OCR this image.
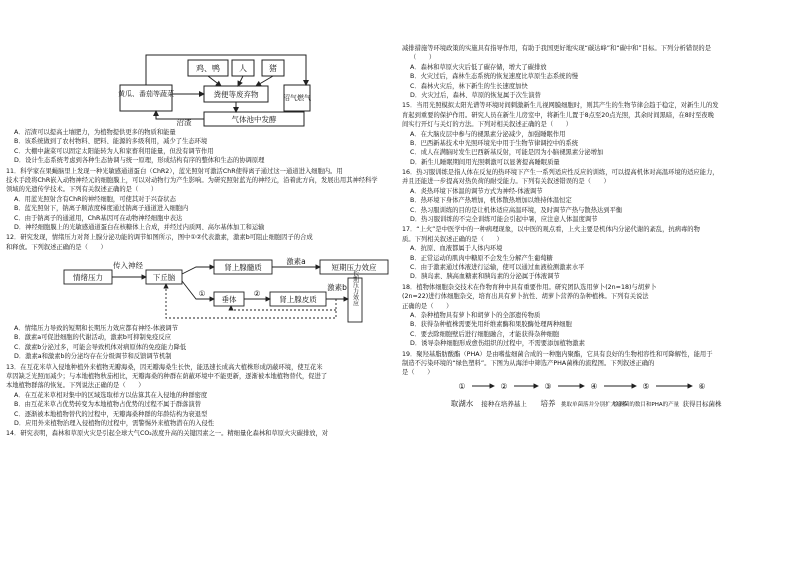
鸡、鸭 人	猪
黄瓜、番茄等蔬菜	粪便等废弃物	沼气燃气
沼渣	气体池中发酵
A．沼渣可以提高土壤肥力，为植物提供更多的物质和能量
B．该系统做到了农村物料、肥料、能源的多级利用，减少了生态环境
C．大棚中蔬菜可以固定太阳能转为人和家畜利用能量，但没有调节作用
D．设计生态系统考虑到各种生态协调与统一原理，形成结构有序的整体和生态的协调原理
11．科学家在果蝇脑里上发现一种光敏感通道蛋白（ChR2），蓝光照射可激活ChR使得离子通过这一通道进入细胞内。用
技术手段将ChR嵌入动物神经元的细胞膜上，可以对动物行为产生影响。为研究照射蓝光的神经元，沿着此方向，发展出用其神经科学
领域的光遗传学技术。下列有关叙述正确的是（　　）
A．用蓝光照射含有ChR的神经细胞，可使其对于兴奋状态
B．蓝光照射下，钠离子顺浓度梯度通过钠离子通道进入细胞内
C．由于钠离子的通道用，ChR基因可在动物神经细胞中表达
D．神经细胞膜上的光敏感通道蛋白在核糖体上合成，并经过内质网、高尔基体加工和运输
12．研究发现，情绪压力对肾上腺分泌功能的调节如图所示，图中①②代表激素，激素b可阻止细胞因子的合成
和释放。下列叙述正确的是（　　）
情绪压力
传入神经
下丘脑
肾上腺髓质
激素a
短期压力效应
垂体	肾上腺皮质
激素b 长期压力效应
①	②
A．情绪压力导致的短期和长期压力效应都有神经-体液调节
B．激素a可促进细胞的代谢活动，激素b可抑制免疫反应
C．激素b分泌过多，可能会导致机体对病原体的免疫能力降低
D．激素a和激素b的分泌均存在分级调节和反馈调节机制
13．在互花米草入侵地种植外来植物无瓣海桑，因无瓣海桑生长快，能迅速长成高大植株形成荫蔽环境，使互花米
草因缺乏光照而减少；与本地植物秋茄相比，无瓣海桑的种群在荫蔽环境中不能更新，逐渐被本地植物替代，促进了
本地植物群落的恢复。下列说法正确的是（　　）
A．在互花米草相对集中的区域选取样方以估算其在入侵地的种群密度
B．由互花米草占优势转变为本地植物占优势的过程不属于群落演替
C．逐渐被本地植物替代的过程中，无瓣海桑种群的年龄结构为衰退型
D．应用外来植物治理入侵植物的过程中，需警惕外来植物潜在的入侵性
14．研究表明，森林和草原火灾是引起全球大气CO₂浓度升高的关键因素之一。精细量化森林和草原火灾碳排放，对
减排措施等环境政策的实施具有指导作用，有助于我国更好地实现“碳达峰”和“碳中和”目标。下列分析错误的是
（　　）
A．森林和草原火灾后低了碳存储，增大了碳排放
B．火灾过后，森林生态系统的恢复速度比草原生态系统的慢
C．森林火灾后，林下新生的生长速度加快
D．火灾过后，森林、草原的恢复属于次生演替
15．当用光照模拟太阳光谱等环境时间刺激新生儿视网膜细胞时，则其产生的生物节律会趋于稳定，对新生儿的发
育起到重要的保护作用。研究人员在新生儿房室中，将新生儿置于8点至20点光照，其余时间黑暗，在8时至夜晚
间实行开灯与关灯的方法。下列对相关叙述正确的是（　　）
A．在大脑皮层中参与的褪黑素分泌减少，加强睡眠作用
B．巴西新基技术中光照环境光中用于生物节律调控中的系统
C．成人在满脑时发生巴西新基反射，可能是因为小脑褪黑素分泌增加
D．新生儿睡眠期间用光照刺激可以显著提高睡眠质量
16．热习服训练是指人体在反复的热环境下产生一系列适应性反应的训练，可以提高机体对高温环境的适应能力，
并且还能进一步提高对热负荷的耐受能力。下列有关叙述错误的是（　　）
A．炎热环境下体温的调节方式为神经-体液调节
B．热环境下身体产热增加，机体散热增加以维持体温恒定
C．热习服训练的目的是让机体适应高温环境，及时调节产热与散热达到平衡
D．热习服训练的不完全训练可能会引起中暑，应注意人体温度调节
17．“上火”是中医学中的一种病理现象，以中医的观点看，上火主要是机体内分泌代谢的紊乱，抗病毒的物
质。下列相关叙述正确的是（　　）
A．抗原、血液都属于人体内环境
B．正常运动的肌肉中糖原不会发生分解产生葡萄糖
C．由于激素通过体液进行运输，使可以通过血液检测激素水平
D．胰岛素、胰高血糖素和胰岛素的分泌属于体液调节
18．植物体细胞杂交技术在作物育种中具有重要作用。研究团队选用萝卜(2n=18)与胡萝卜
(2n=22)进行体细胞杂交，培育出具有萝卜抗性、胡萝卜营养的杂种植株。下列有关说法
正确的是（　　）
A．杂种植物具有萝卜和胡萝卜的全部遗传物质
B．获得杂种植株需要先用纤维素酶和果胶酶处理两种细胞
C．要去除细胞壁后进行细胞融合，才能获得杂种细胞
D．诱导杂种细胞形成愈伤组织的过程中，不需要添加植物激素
19．聚羟基脂肪酸酯（PHA）是由嗜盐细菌合成的一种胞内聚酯，它具有良好的生物相容性和可降解性，能用于
制造不污染环境的“绿色塑料”。下图为从海洋中筛选产PHA菌株的流程图。下列叙述正确的
是（　　）
①	②	③	④	⑤	⑥
取湖水 接种在培养基上 培养 挑取单菌落并分别扩大培养
检测菌的数目和PHA的产量 获得目标菌株
